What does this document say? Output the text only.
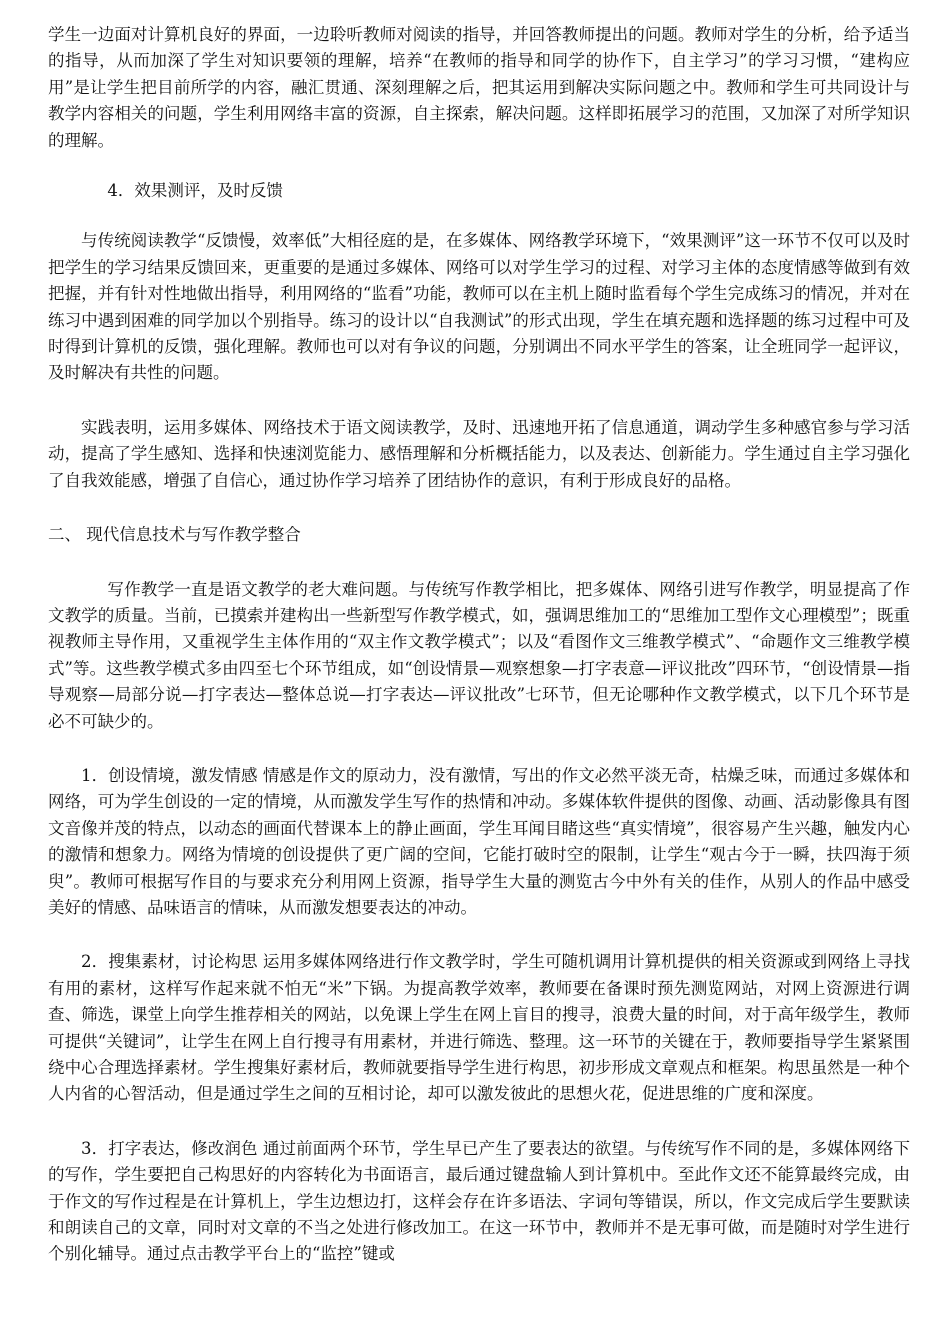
学生一边面对计算机良好的界面，一边聆听教师对阅读的指导，并回答教师提出的问题。教师对学生的分析，给予适当的指导，从而加深了学生对知识要领的理解，培养“在教师的指导和同学的协作下，自主学习”的学习习惯，“建构应用”是让学生把目前所学的内容，融汇贯通、深刻理解之后，把其运用到解决实际问题之中。教师和学生可共同设计与教学内容相关的问题，学生利用网络丰富的资源，自主探索，解决问题。这样即拓展学习的范围，又加深了对所学知识的理解。

4．效果测评，及时反馈

与传统阅读教学“反馈慢，效率低”大相径庭的是，在多媒体、网络教学环境下，“效果测评”这一环节不仅可以及时把学生的学习结果反馈回来，更重要的是通过多媒体、网络可以对学生学习的过程、对学习主体的态度情感等做到有效把握，并有针对性地做出指导，利用网络的“监看”功能，教师可以在主机上随时监看每个学生完成练习的情况，并对在练习中遇到困难的同学加以个别指导。练习的设计以“自我测试”的形式出现，学生在填充题和选择题的练习过程中可及时得到计算机的反馈，强化理解。教师也可以对有争议的问题，分别调出不同水平学生的答案，让全班同学一起评议，及时解决有共性的问题。

实践表明，运用多媒体、网络技术于语文阅读教学，及时、迅速地开拓了信息通道，调动学生多种感官参与学习活动，提高了学生感知、选择和快速浏览能力、感悟理解和分析概括能力，以及表达、创新能力。学生通过自主学习强化了自我效能感，增强了自信心，通过协作学习培养了团结协作的意识，有利于形成良好的品格。

二、 现代信息技术与写作教学整合

写作教学一直是语文教学的老大难问题。与传统写作教学相比，把多媒体、网络引进写作教学，明显提高了作文教学的质量。当前，已摸索并建构出一些新型写作教学模式，如，强调思维加工的“思维加工型作文心理模型”；既重视教师主导作用，又重视学生主体作用的“双主作文教学模式”；以及“看图作文三维教学模式”、“命题作文三维教学模式”等。这些教学模式多由四至七个环节组成，如“创设情景—观察想象—打字表意—评议批改”四环节，“创设情景—指导观察—局部分说—打字表达—整体总说—打字表达—评议批改”七环节，但无论哪种作文教学模式，以下几个环节是必不可缺少的。

1．创设情境，激发情感 情感是作文的原动力，没有激情，写出的作文必然平淡无奇，枯燥乏味，而通过多媒体和网络，可为学生创设的一定的情境，从而激发学生写作的热情和冲动。多媒体软件提供的图像、动画、活动影像具有图文音像并茂的特点，以动态的画面代替课本上的静止画面，学生耳闻目睹这些“真实情境”，很容易产生兴趣，触发内心的激情和想象力。网络为情境的创设提供了更广阔的空间，它能打破时空的限制，让学生“观古今于一瞬，扶四海于须臾”。教师可根据写作目的与要求充分利用网上资源，指导学生大量的测览古今中外有关的佳作，从别人的作品中感受美好的情感、品味语言的情味，从而激发想要表达的冲动。

2．搜集素材，讨论构思 运用多媒体网络进行作文教学时，学生可随机调用计算机提供的相关资源或到网络上寻找有用的素材，这样写作起来就不怕无“米”下锅。为提高教学效率，教师要在备课时预先测览网站，对网上资源进行调查、筛选，课堂上向学生推荐相关的网站，以免课上学生在网上盲目的搜寻，浪费大量的时间，对于高年级学生，教师可提供“关键词”，让学生在网上自行搜寻有用素材，并进行筛选、整理。这一环节的关键在于，教师要指导学生紧紧围绕中心合理选择素材。学生搜集好素材后，教师就要指导学生进行构思，初步形成文章观点和框架。构思虽然是一种个人内省的心智活动，但是通过学生之间的互相讨论，却可以激发彼此的思想火花，促进思维的广度和深度。

3．打字表达，修改润色 通过前面两个环节，学生早已产生了要表达的欲望。与传统写作不同的是，多媒体网络下的写作，学生要把自己构思好的内容转化为书面语言，最后通过键盘输人到计算机中。至此作文还不能算最终完成，由于作文的写作过程是在计算机上，学生边想边打，这样会存在许多语法、字词句等错误，所以，作文完成后学生要默读和朗读自己的文章，同时对文章的不当之处进行修改加工。在这一环节中，教师并不是无事可做，而是随时对学生进行个别化辅导。通过点击教学平台上的“监控”键或
